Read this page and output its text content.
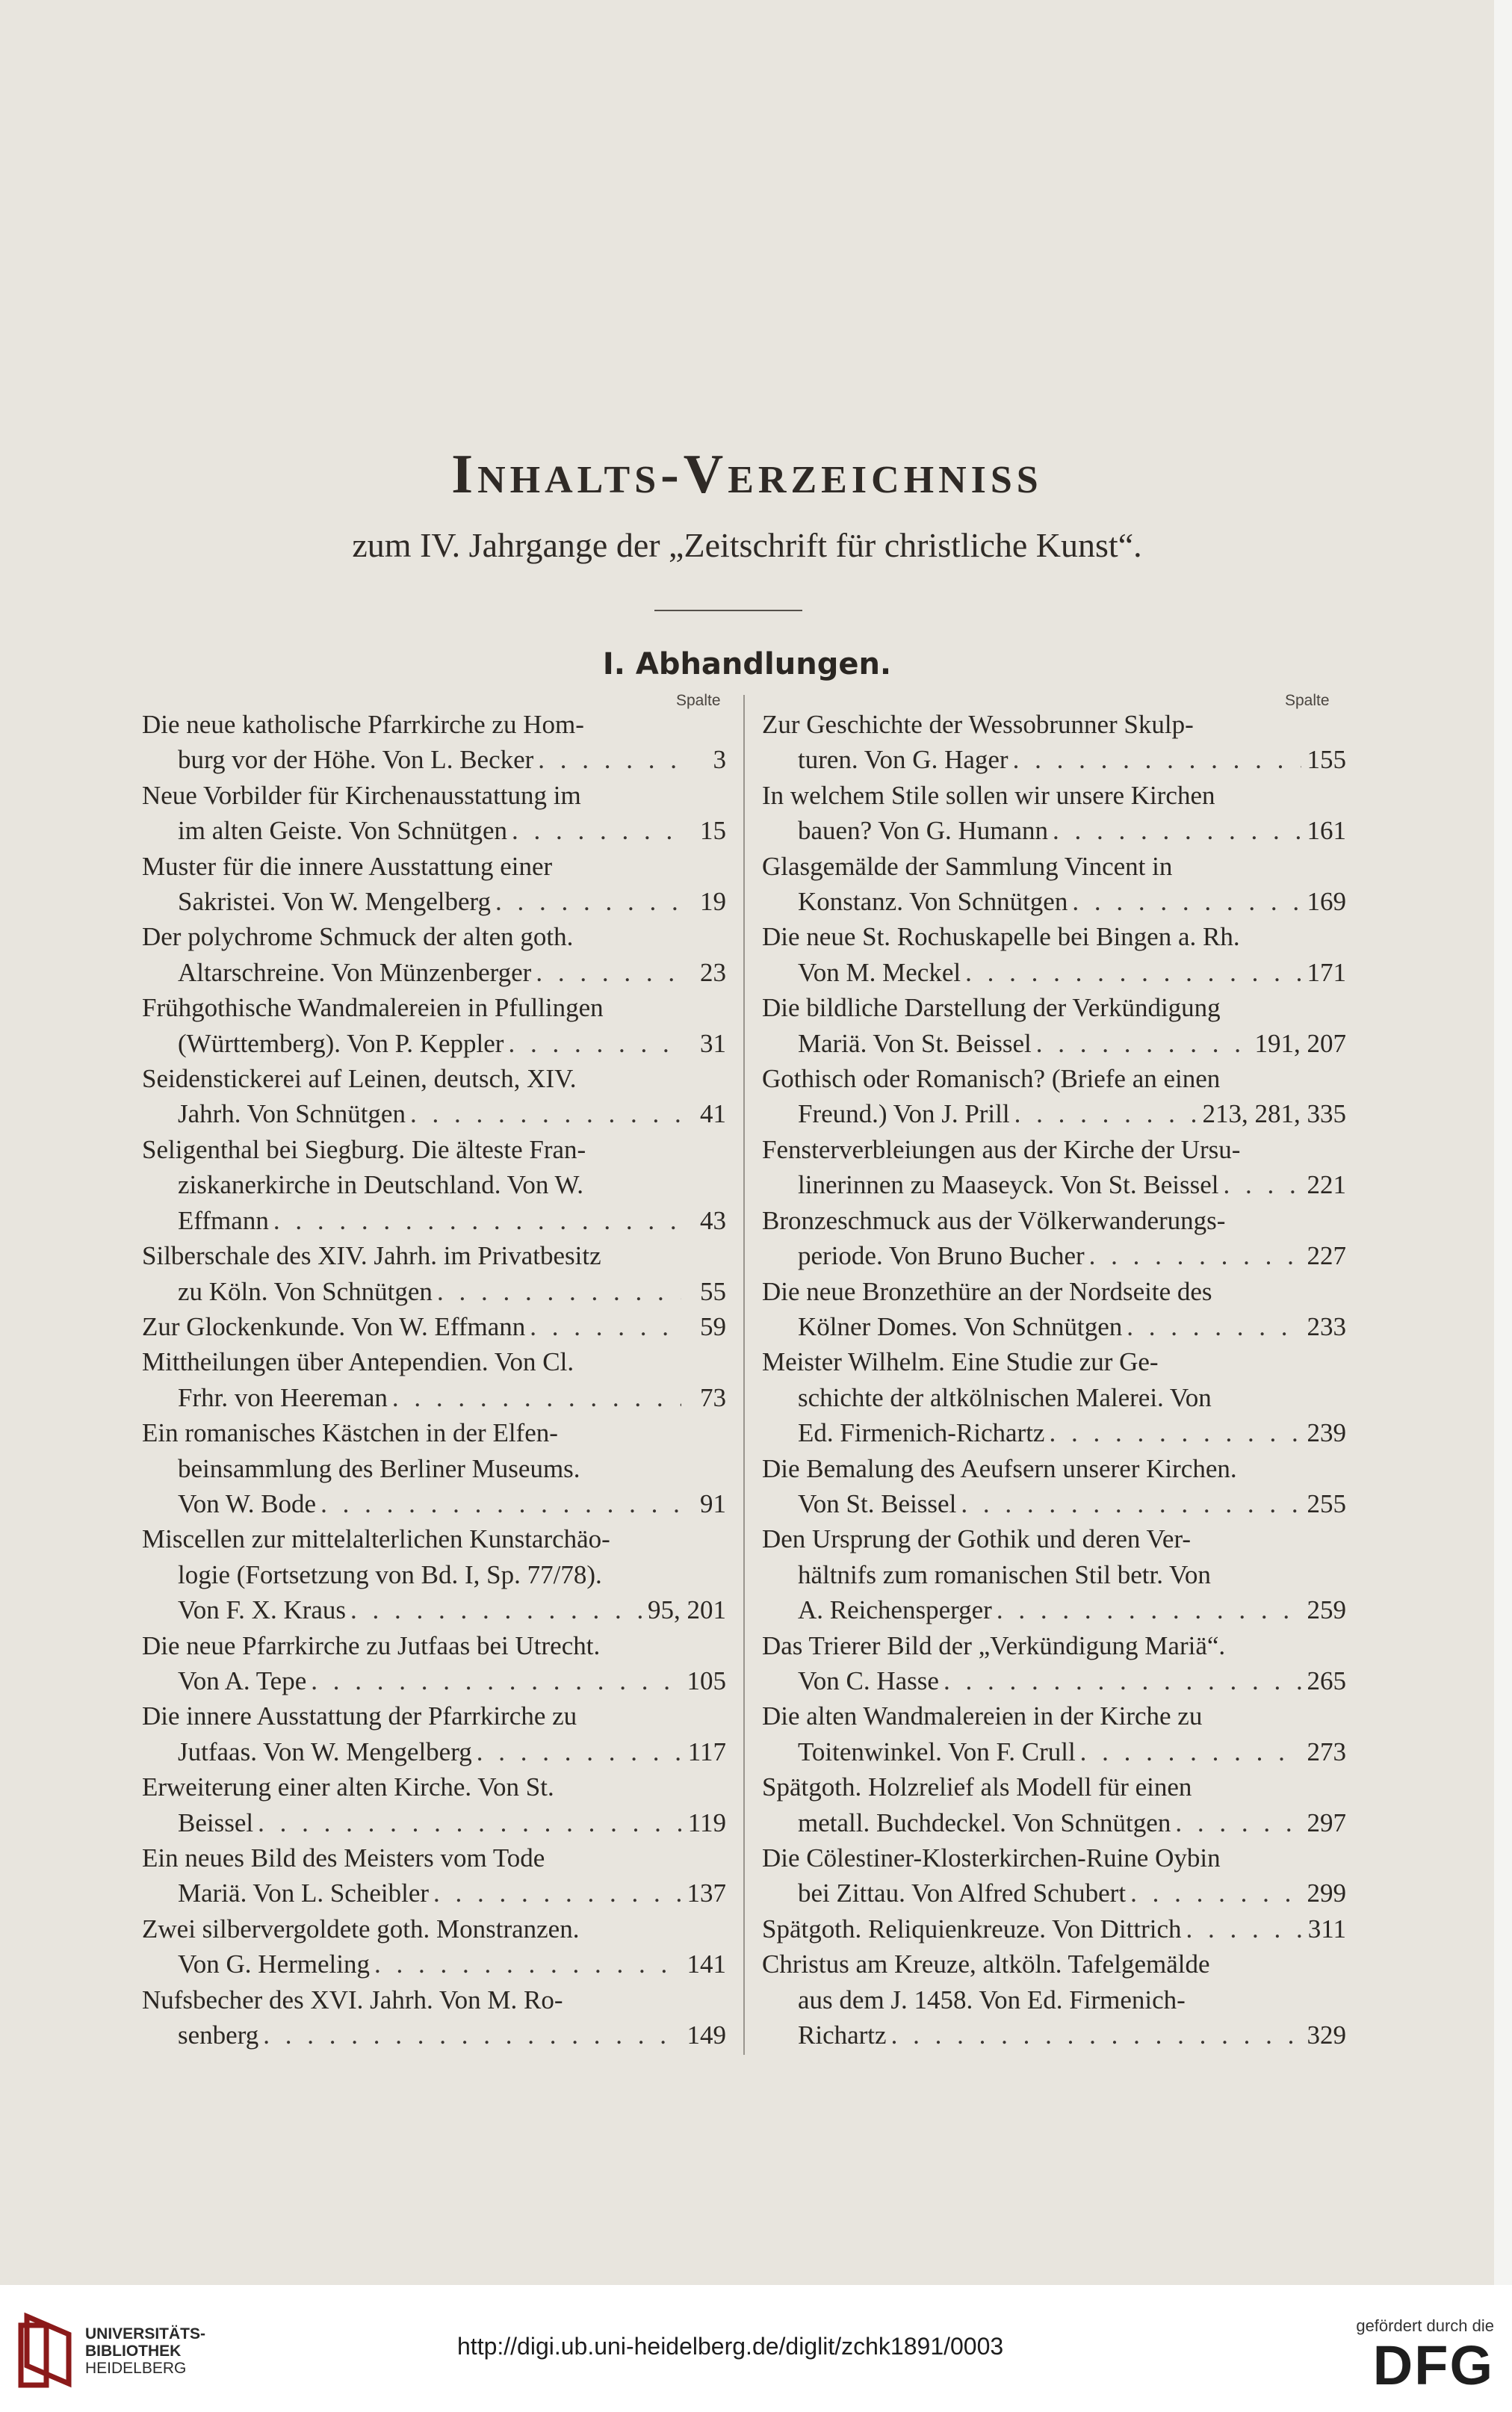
Inhalts-Verzeichniss
zum IV. Jahrgange der „Zeitschrift für christliche Kunst“.
I. Abhandlungen.
Spalte	Spalte
Die neue katholische Pfarrkirche zu Hom-
burg vor der Höhe. Von L. Becker . . .	3
Neue Vorbilder für Kirchenausstattung im
im alten Geiste. Von Schnütgen . . .	15
Muster für die innere Ausstattung einer
Sakristei. Von W. Mengelberg . . .	19
Der polychrome Schmuck der alten goth.
Altarschreine. Von Münzenberger . . .	23
Frühgothische Wandmalereien in Pfullingen
(Württemberg). Von P. Keppler . . .	31
Seidenstickerei auf Leinen, deutsch, XIV.
Jahrh. Von Schnütgen . . .	41
Seligenthal bei Siegburg. Die älteste Fran-
ziskanerkirche in Deutschland. Von W.
Effmann . . .	43
Silberschale des XIV. Jahrh. im Privatbesitz
zu Köln. Von Schnütgen . . .	55
Zur Glockenkunde. Von W. Effmann . . .	59
Mittheilungen über Antependien. Von Cl.
Frhr. von Heereman . . .	73
Ein romanisches Kästchen in der Elfen-
beinsammlung des Berliner Museums.
Von W. Bode . . .	91
Miscellen zur mittelalterlichen Kunstarchäo-
logie (Fortsetzung von Bd. I, Sp. 77/78).
Von F. X. Kraus . . .	95, 201
Die neue Pfarrkirche zu Jutfaas bei Utrecht.
Von A. Tepe . . .	105
Die innere Ausstattung der Pfarrkirche zu
Jutfaas. Von W. Mengelberg . . .	117
Erweiterung einer alten Kirche. Von St.
Beissel . . .	119
Ein neues Bild des Meisters vom Tode
Mariä. Von L. Scheibler . . .	137
Zwei silbervergoldete goth. Monstranzen.
Von G. Hermeling . . .	141
Nufsbecher des XVI. Jahrh. Von M. Ro-
senberg . . .	149
Zur Geschichte der Wessobrunner Skulp-
turen. Von G. Hager . . .	155
In welchem Stile sollen wir unsere Kirchen
bauen? Von G. Humann . . .	161
Glasgemälde der Sammlung Vincent in
Konstanz. Von Schnütgen . . .	169
Die neue St. Rochuskapelle bei Bingen a. Rh.
Von M. Meckel . . .	171
Die bildliche Darstellung der Verkündigung
Mariä. Von St. Beissel . . .	191, 207
Gothisch oder Romanisch? (Briefe an einen
Freund.) Von J. Prill . . .	213, 281, 335
Fensterverbleiungen aus der Kirche der Ursu-
linerinnen zu Maaseyck. Von St. Beissel . . .	221
Bronzeschmuck aus der Völkerwanderungs-
periode. Von Bruno Bucher . . .	227
Die neue Bronzethüre an der Nordseite des
Kölner Domes. Von Schnütgen . . .	233
Meister Wilhelm. Eine Studie zur Ge-
schichte der altkölnischen Malerei. Von
Ed. Firmenich-Richartz . . .	239
Die Bemalung des Aeufsern unserer Kirchen.
Von St. Beissel . . .	255
Den Ursprung der Gothik und deren Ver-
hältnifs zum romanischen Stil betr. Von
A. Reichensperger . . .	259
Das Trierer Bild der „Verkündigung Mariä“.
Von C. Hasse . . .	265
Die alten Wandmalereien in der Kirche zu
Toitenwinkel. Von F. Crull . . .	273
Spätgoth. Holzrelief als Modell für einen
metall. Buchdeckel. Von Schnütgen . . .	297
Die Cölestiner-Klosterkirchen-Ruine Oybin
bei Zittau. Von Alfred Schubert . . .	299
Spätgoth. Reliquienkreuze. Von Dittrich . . .	311
Christus am Kreuze, altköln. Tafelgemälde
aus dem J. 1458. Von Ed. Firmenich-
Richartz . . .	329
UNIVERSITÄTS-
BIBLIOTHEK
HEIDELBERG
http://digi.ub.uni-heidelberg.de/diglit/zchk1891/0003
gefördert durch die
DFG
